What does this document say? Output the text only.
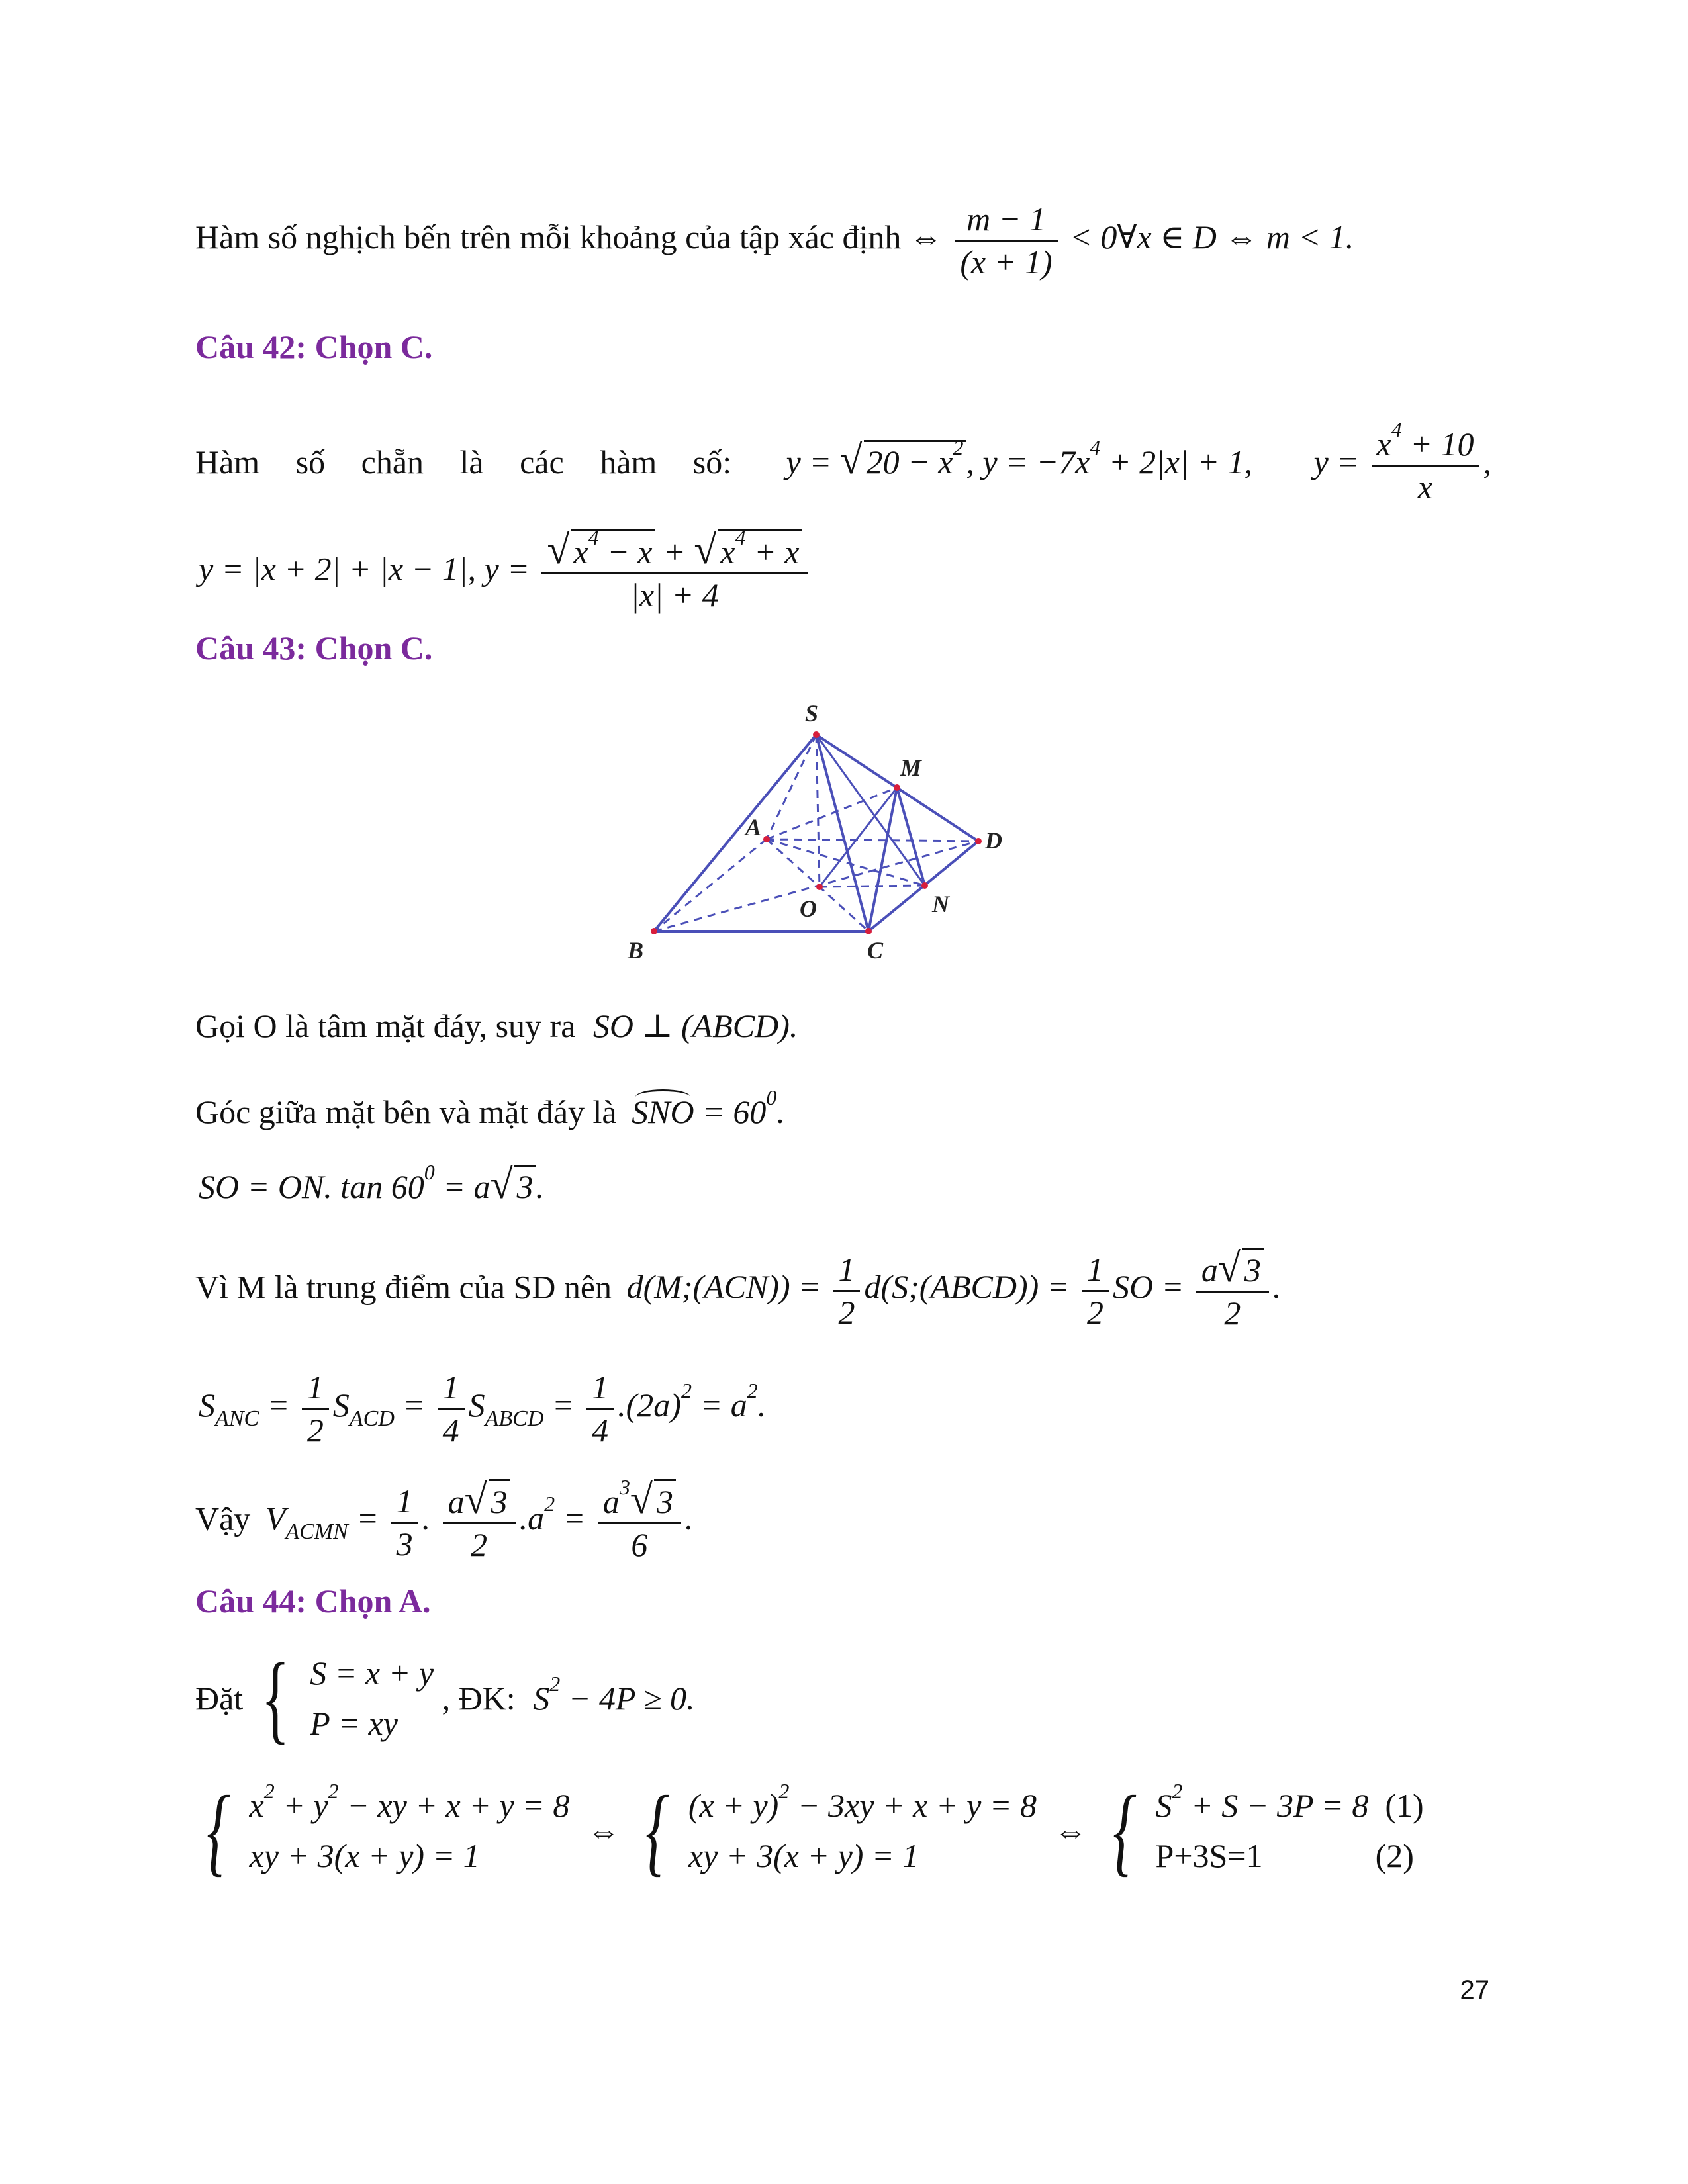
Hàm số nghịch bến trên mỗi khoảng của tập xác định ⇔ $\frac{m - 1}{(x + 1)}$ < 0∀x ∈ D ⇔ m < 1.
Câu 42: Chọn C.
Hàm số chẵn là các hàm số: y = √ $20 - x^2$, $y = -7x^4 + 2|x| + 1$, $y = \frac{x^4 + 10}{x}$ ,
y = |x + 2| + |x − 1|, $y = \frac{√ x^4 - x + √ x^4 + x}{|x| + 4}$
Câu 43: Chọn C.
S
M
A	D
O	N
B	C
Gọi O là tâm mặt đáy, suy ra SO ⊥ (ABCD).
Góc giữa mặt bên và mặt đáy là SNO = $60^0$.
SO = ON. $\tan 60^0 = a√$ 3.
Vì M là trung điểm của SD nên d(M;(ACN)) = $\frac{1}{2}$ d(S;(ABCD)) = $\frac{1}{2}$ SO = $\frac{a√ 3}{2}$ .
$S_{ANC} = \frac{1}{2} S_{ACD} = \frac{1}{4} S_{ABCD} = \frac{1}{4} .(2a)^2 = a^2$.
Vậy $V_{ACMN} = \frac{1}{3}$ . $\frac{a√ 3}{2} .a^2 = \frac{a^3√ 3}{6}$ .
Câu 44: Chọn A.
Đặt { S = x + y
P = xy
, ĐK: $S^2 - 4P \ge 0$.
{ $x^2 + y^2$ − xy + x + y = 8
xy + 3(x + y) = 1
⇔ { $(x + y)^2 - 3xy + x + y = 8$
xy + 3(x + y) = 1
⇔ { $S^2 + S - 3P = 8$  (1)
P+3S=1	(2)
27
